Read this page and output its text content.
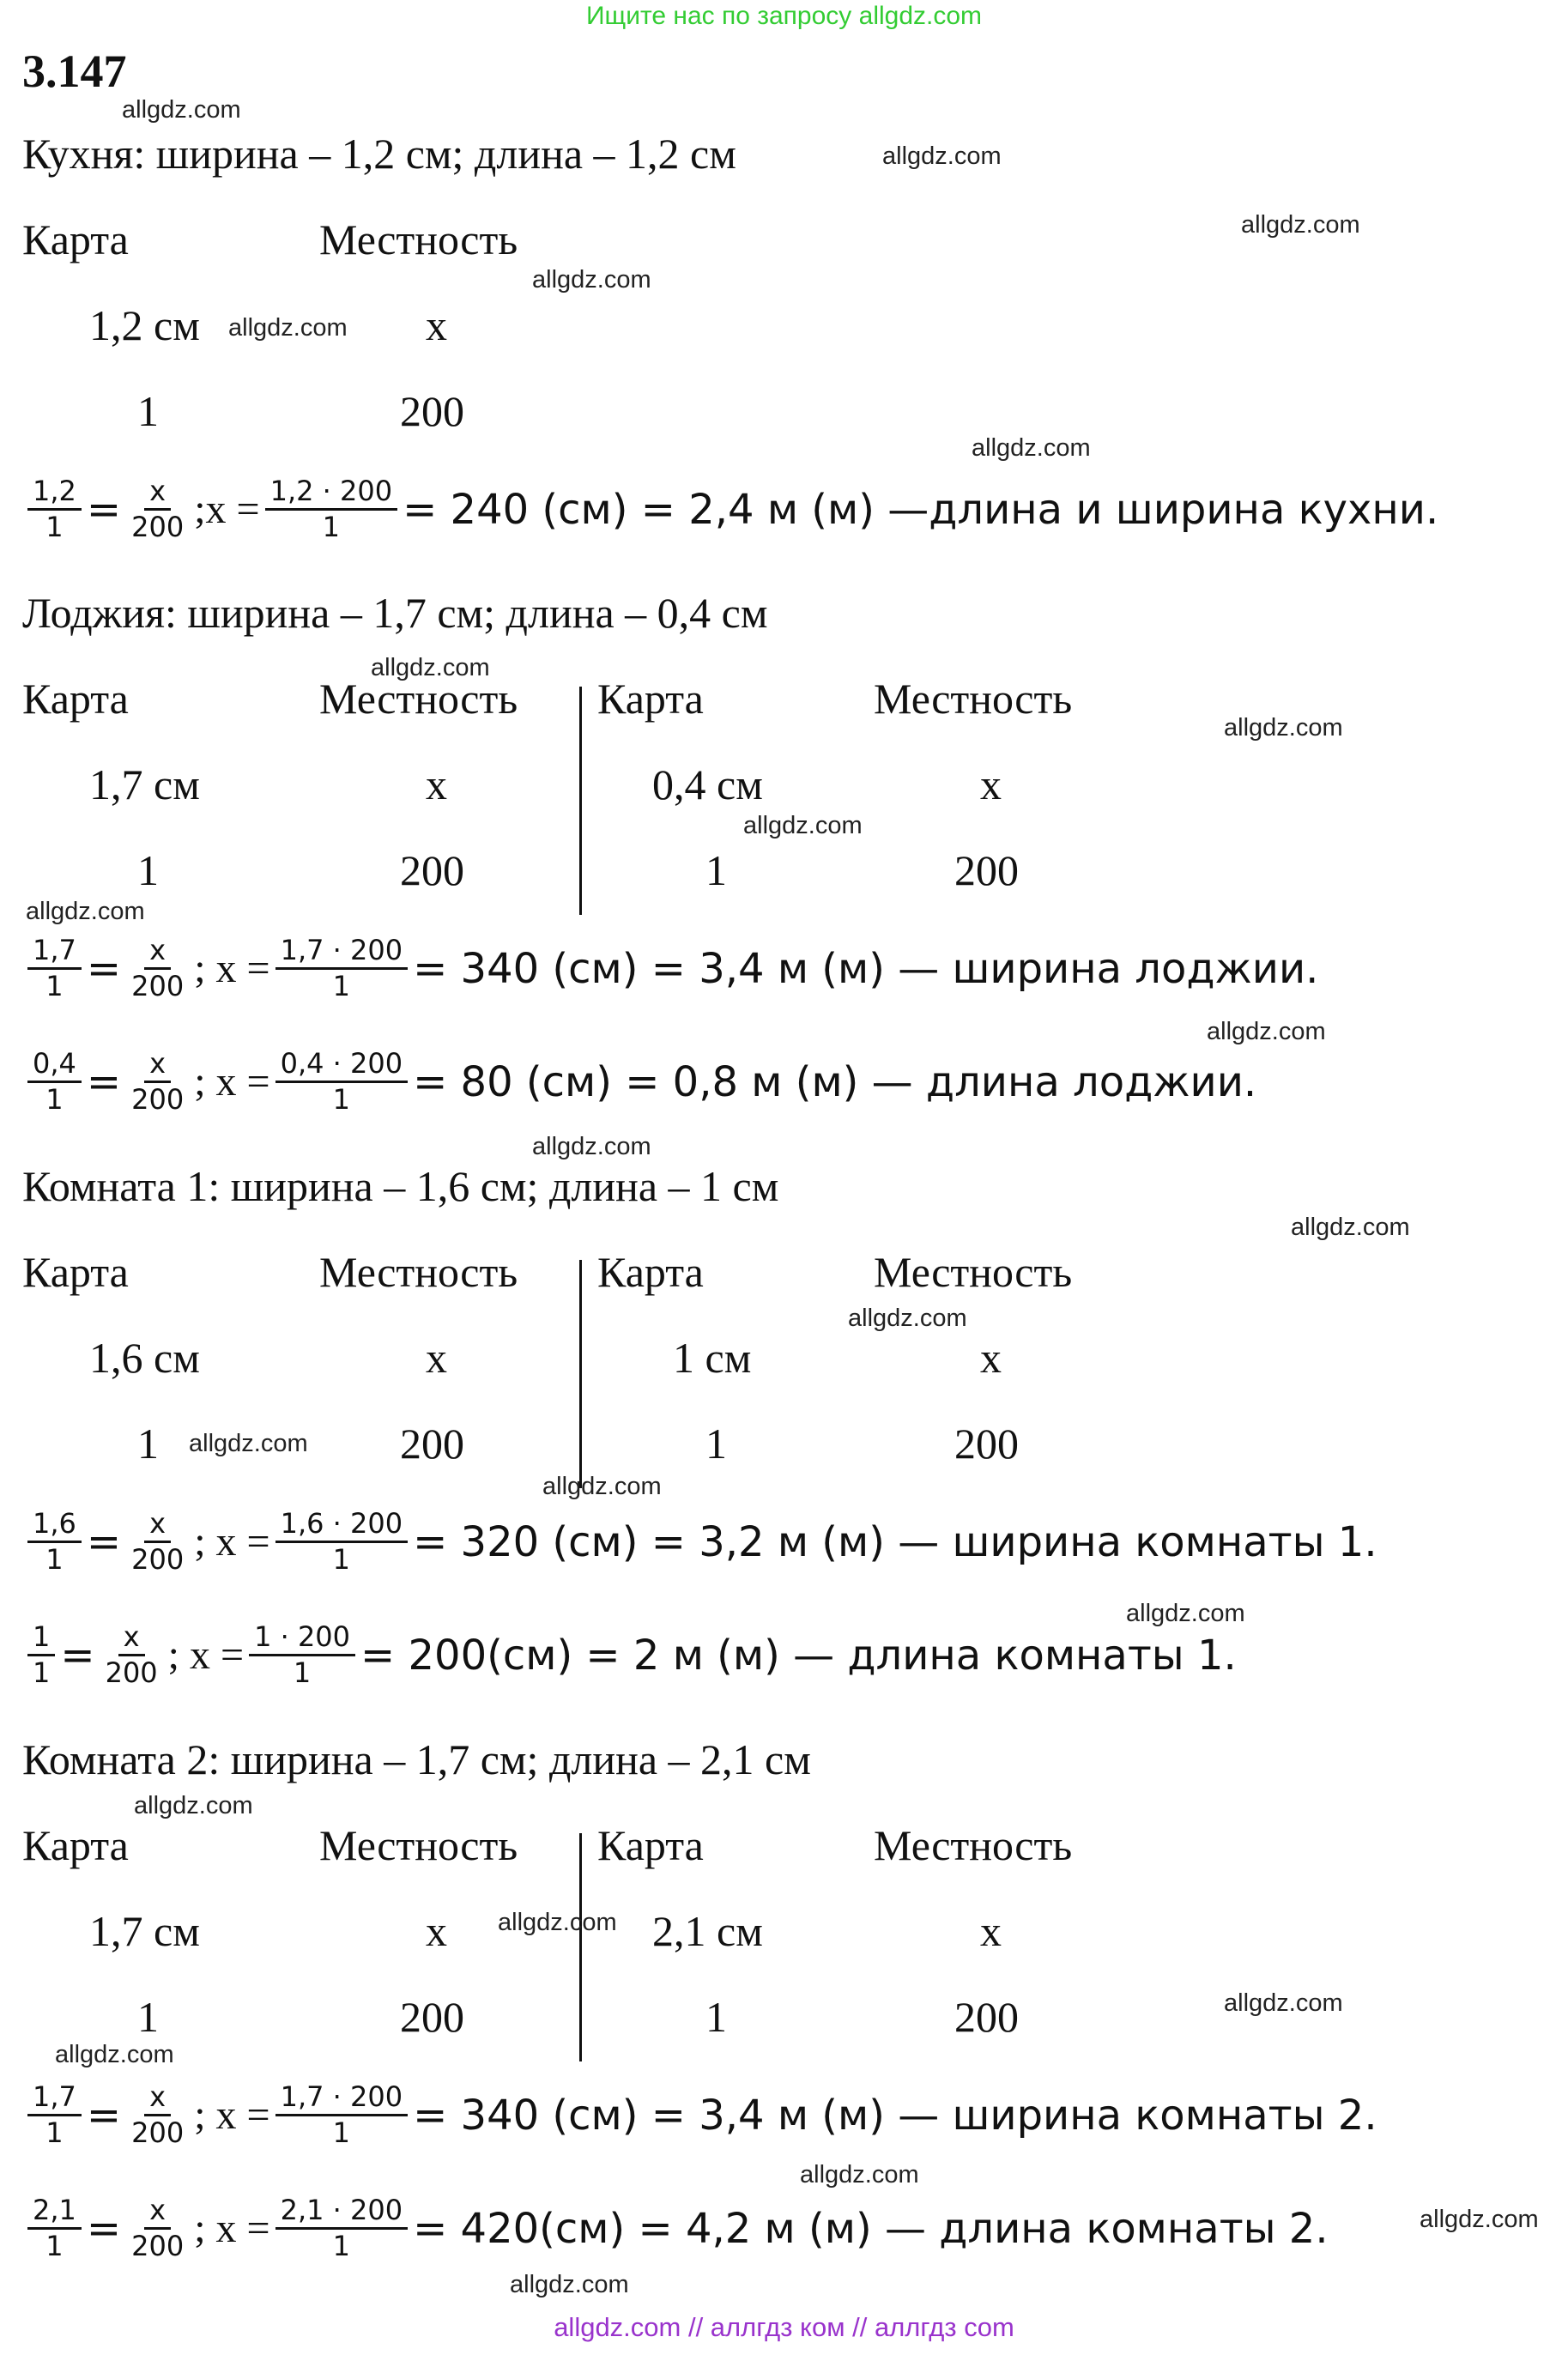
Ищите нас по запросу allgdz.com
3.147
Кухня: ширина – 1,2 см; длина – 1,2 см
Карта	Местность
1,2 см	x
1	200
$\frac{1,2}{1} = \frac{x}{200}$ ;x = $\frac{1,2 \cdot 200}{1} = 240$ (см) = 2,4 м (м) —длина и ширина кухни.
Лоджия: ширина – 1,7 см; длина – 0,4 см
Карта	Местность Карта	Местность
1,7 см	x	0,4 см	x
1	200	1	200
$\frac{1,7}{1} = \frac{x}{200}$ ; $x = \frac{1,7 \cdot 200}{1} = 340$ (см) = 3,4 м (м) — ширина лоджии.
$\frac{0,4}{1} = \frac{x}{200}$ ; $x = \frac{0,4 \cdot 200}{1} = 80$ (см) = 0,8 м (м) — длина лоджии.
Комната 1: ширина – 1,6 см; длина – 1 см
Карта	Местность Карта	Местность
1,6 см	x	1 см	x
1	200	1	200
$\frac{1,6}{1} = \frac{x}{200}$ ; $x = \frac{1,6 \cdot 200}{1} = 320$ (см) = 3,2 м (м) — ширина комнаты 1.
$\frac{1}{1} = \frac{x}{200}$ ; $x = \frac{1 \cdot 200}{1} = 200(см) = 2$ м (м) — длина комнаты 1.
Комната 2: ширина – 1,7 см; длина – 2,1 см
Карта	Местность Карта	Местность
1,7 см	x	2,1 см	x
1	200	1	200
$\frac{1,7}{1} = \frac{x}{200}$ ; $x = \frac{1,7 \cdot 200}{1} = 340$ (см) = 3,4 м (м) — ширина комнаты 2.
$\frac{2,1}{1} = \frac{x}{200}$ ; $x = \frac{2,1 \cdot 200}{1} = 420(см) = 4,2$ м (м) — длина комнаты 2.
allgdz.com
allgdz.com
allgdz.com
allgdz.com
allgdz.com
allgdz.com
allgdz.com
allgdz.com
allgdz.com
allgdz.com
allgdz.com
allgdz.com
allgdz.com
allgdz.com
allgdz.com
allgdz.com
allgdz.com
allgdz.com
allgdz.com
allgdz.com
allgdz.com
allgdz.com
allgdz.com
allgdz.com
allgdz.com // аллгдз ком // аллгдз com
